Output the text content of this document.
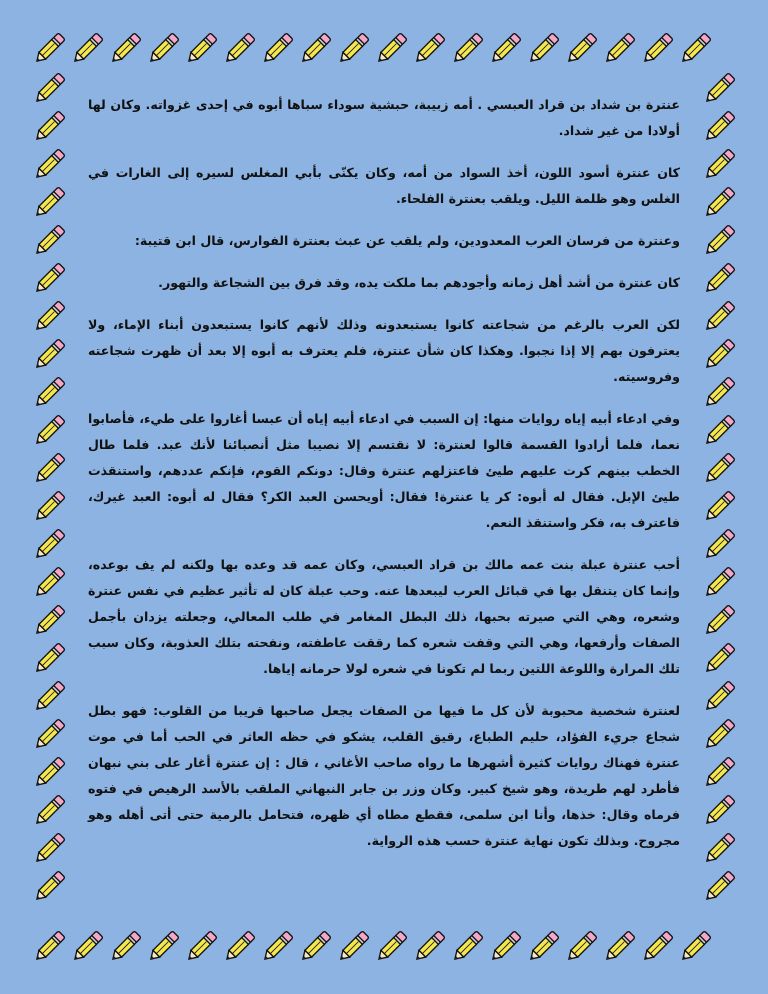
عنترة بن شداد بن قراد العبسي . أمه زبيبة، حبشية سوداء سباها أبوه في إحدى غزواته. وكان لها أولادا من غير شداد.

كان عنترة أسود اللون، أخذ السواد من أمه، وكان يكنّى بأبي المغلس لسيره إلى الغارات في الغلس وهو ظلمة الليل. ويلقب بعنترة الفلحاء.

وعنترة من فرسان العرب المعدودين، ولم يلقب عن عبث بعنترة الفوارس، قال ابن قتيبة:

كان عنترة من أشد أهل زمانه وأجودهم بما ملكت يده، وقد فرق بين الشجاعة والتهور.

لكن العرب بالرغم من شجاعته كانوا يستبعدونه وذلك لأنهم كانوا يستبعدون أبناء الإماء، ولا يعترفون بهم إلا إذا نجبوا. وهكذا كان شأن عنترة، فلم يعترف به أبوه إلا بعد أن ظهرت شجاعته وفروسيته.

وفي ادعاء أبيه إياه روايات منها: إن السبب في ادعاء أبيه إياه أن عبسا أغاروا على طيء، فأصابوا نعما، فلما أرادوا القسمة قالوا لعنترة: لا نقتسم إلا نصيبا مثل أنصبائنا لأنك عبد. فلما طال الخطب بينهم كرت عليهم طيئ فاعتزلهم عنترة وقال: دونكم القوم، فإنكم عددهم، واستنقذت طيئ الإبل. فقال له أبوه: كر يا عنترة! فقال: أويحسن العبد الكر؟ فقال له أبوه: العبد غيرك، فاعترف به، فكر واستنقذ النعم.

أحب عنترة عبلة بنت عمه مالك بن قراد العبسي، وكان عمه قد وعده بها ولكنه لم يف بوعده، وإنما كان يتنقل بها في قبائل العرب ليبعدها عنه. وحب عبلة كان له تأثير عظيم في نفس عنترة وشعره، وهي التي صيرته بحبها، ذلك البطل المغامر في طلب المعالي، وجعلته يزدان بأجمل الصفات وأرفعها، وهي التي وقفت شعره كما رققت عاطفته، ونفحته بتلك العذوبة، وكان سبب تلك المرارة واللوعة اللتين ربما لم تكونا في شعره لولا حرمانه إياها.

لعنترة شخصية محبوبة لأن كل ما فيها من الصفات يجعل صاحبها قريبا من القلوب: فهو بطل شجاع جريء الفؤاد، حليم الطباع، رقيق القلب، يشكو في حظه العاثر في الحب أما في موت عنترة فهناك روايات كثيرة أشهرها ما رواه صاحب الأغاني ، قال : إن عنترة أغار على بني نبهان فأطرد لهم طريدة، وهو شيخ كبير. وكان وزر بن جابر النبهاني الملقب بالأسد الرهيص في فتوه فرماه وقال: خذها، وأنا ابن سلمى، فقطع مطاه أي ظهره، فتحامل بالرمية حتى أتى أهله وهو مجروح. وبذلك تكون نهاية عنترة حسب هذه الرواية.
